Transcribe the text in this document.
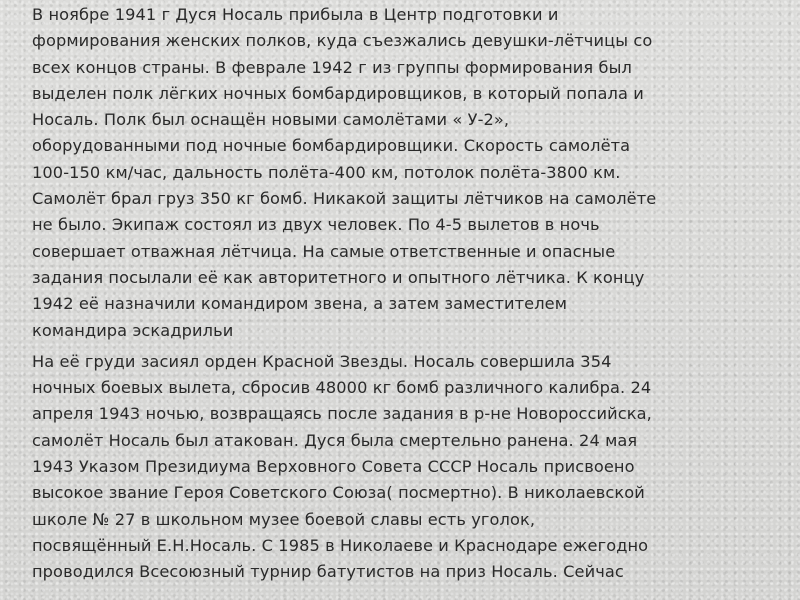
В ноябре 1941 г Дуся Носаль прибыла в Центр подготовки и
формирования женских полков, куда съезжались девушки-лётчицы со
всех концов страны. В феврале 1942 г из группы формирования был
выделен полк лёгких ночных бомбардировщиков, в который попала и
Носаль. Полк был оснащён новыми самолётами « У-2»,
оборудованными под ночные бомбардировщики. Скорость самолёта
100-150 км/час, дальность полёта-400 км, потолок полёта-3800 км.
Самолёт брал груз 350 кг бомб. Никакой защиты лётчиков на самолёте
не было. Экипаж состоял из двух человек. По 4-5 вылетов в ночь
совершает отважная лётчица. На самые ответственные и опасные
задания посылали её как авторитетного и опытного лётчика. К концу
1942 её назначили командиром звена, а затем заместителем
командира эскадрильи

На её груди засиял орден Красной Звезды. Носаль совершила 354
ночных боевых вылета, сбросив 48000 кг бомб различного калибра. 24
апреля 1943 ночью, возвращаясь после задания в р-не Новороссийска,
самолёт Носаль был атакован. Дуся была смертельно ранена. 24 мая
1943 Указом Президиума Верховного Совета СССР Носаль присвоено
высокое звание Героя Советского Союза( посмертно). В николаевской
школе № 27 в школьном музее боевой славы есть уголок,
посвящённый Е.Н.Носаль. С 1985 в Николаеве и Краснодаре ежегодно
проводился Всесоюзный турнир батутистов на приз Носаль. Сейчас
